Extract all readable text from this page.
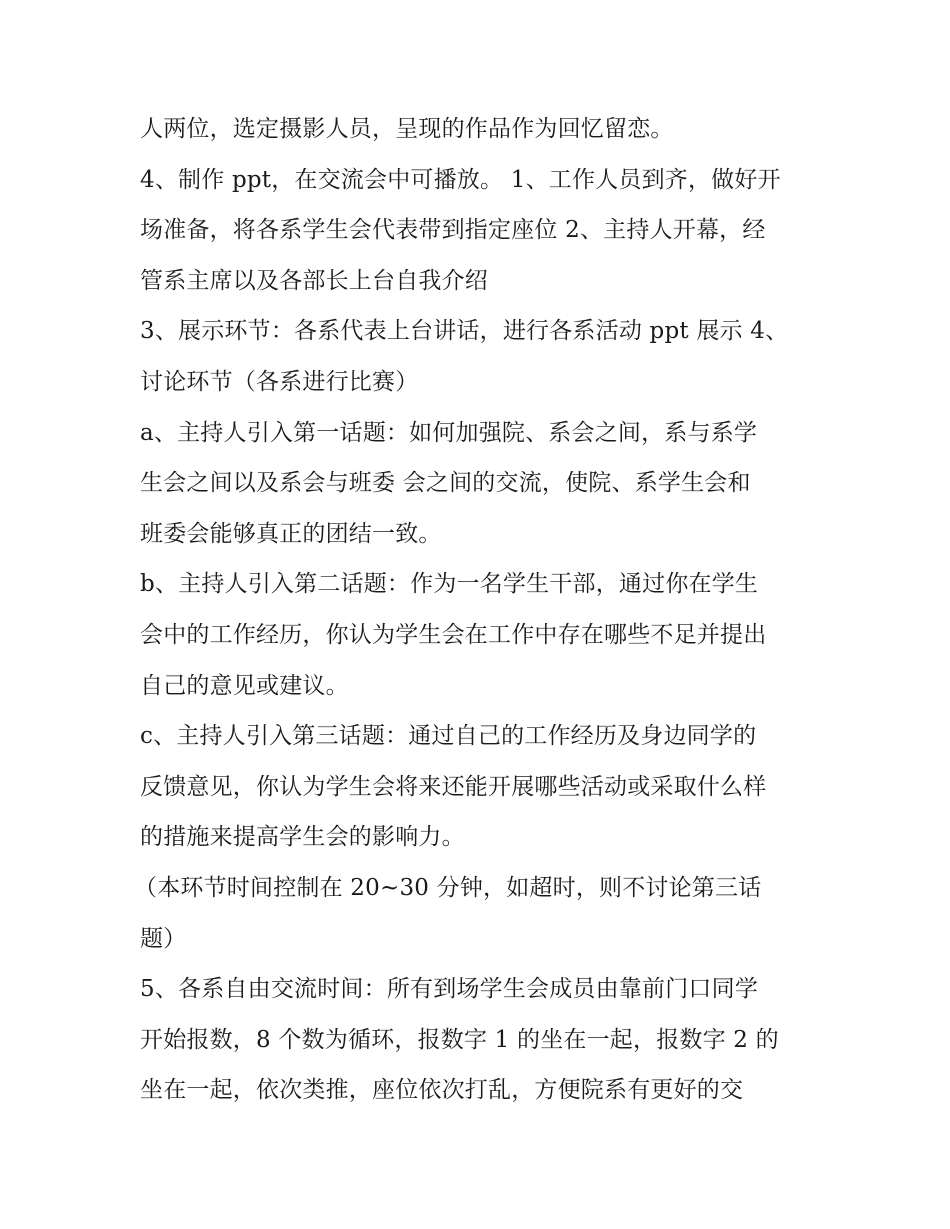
人两位，选定摄影人员，呈现的作品作为回忆留恋。
4、制作 ppt，在交流会中可播放。 1、工作人员到齐，做好开
场准备，将各系学生会代表带到指定座位 2、主持人开幕，经
管系主席以及各部长上台自我介绍
3、展示环节：各系代表上台讲话，进行各系活动 ppt 展示 4、
讨论环节（各系进行比赛）
a、主持人引入第一话题：如何加强院、系会之间，系与系学
生会之间以及系会与班委 会之间的交流，使院、系学生会和
班委会能够真正的团结一致。
b、主持人引入第二话题：作为一名学生干部，通过你在学生
会中的工作经历，你认为学生会在工作中存在哪些不足并提出
自己的意见或建议。
c、主持人引入第三话题：通过自己的工作经历及身边同学的
反馈意见，你认为学生会将来还能开展哪些活动或采取什么样
的措施来提高学生会的影响力。
（本环节时间控制在 20~30 分钟，如超时，则不讨论第三话
题）
5、各系自由交流时间：所有到场学生会成员由靠前门口同学
开始报数，8 个数为循环，报数字 1 的坐在一起，报数字 2 的
坐在一起，依次类推，座位依次打乱，方便院系有更好的交
